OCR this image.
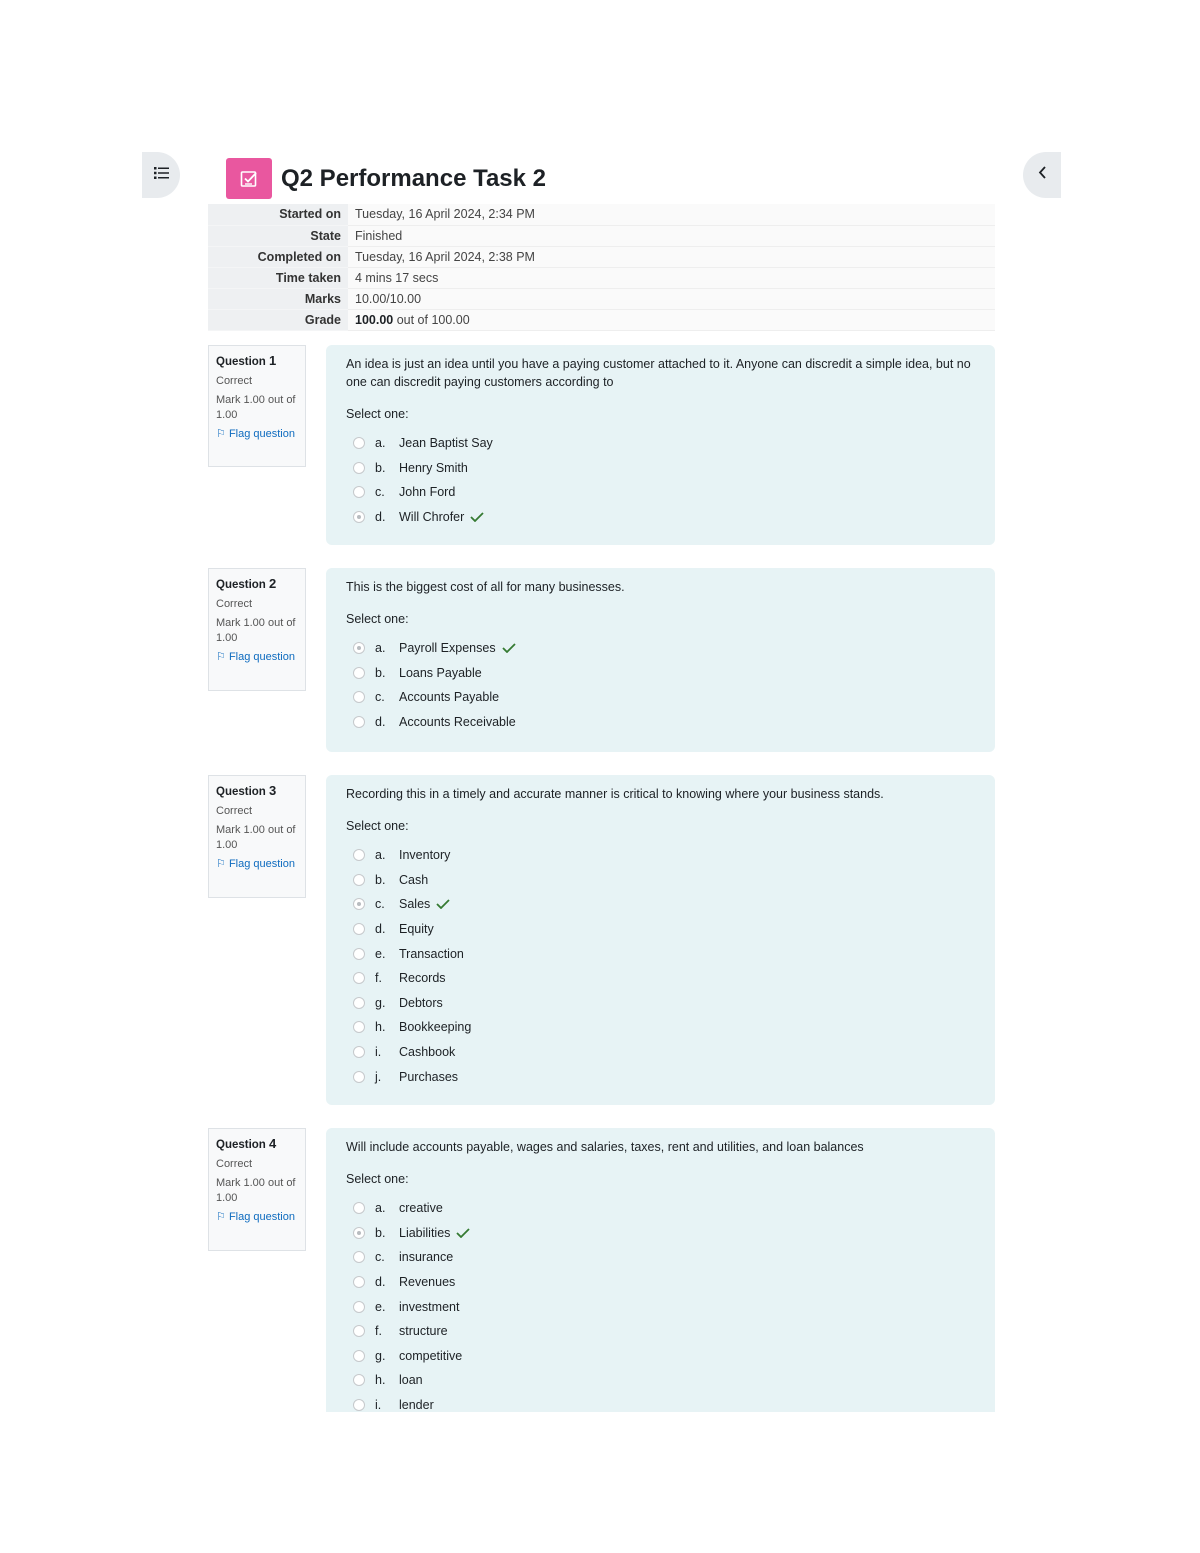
Q2 Performance Task 2
Started on	Tuesday, 16 April 2024, 2:34 PM
State	Finished
Completed on	Tuesday, 16 April 2024, 2:38 PM
Time taken	4 mins 17 secs
Marks	10.00/10.00
Grade	100.00 out of 100.00
Question 1
Correct
Mark 1.00 out of 1.00
⚐ Flag question
An idea is just an idea until you have a paying customer attached to it. Anyone can discredit a simple idea, but no one can discredit paying customers according to
Select one:
a.	Jean Baptist Say
b.	Henry Smith
c.	John Ford
d.	Will Chrofer
Question 2
Correct
Mark 1.00 out of 1.00
⚐ Flag question
This is the biggest cost of all for many businesses.
Select one:
a.	Payroll Expenses
b.	Loans Payable
c.	Accounts Payable
d.	Accounts Receivable
Question 3
Correct
Mark 1.00 out of 1.00
⚐ Flag question
Recording this in a timely and accurate manner is critical to knowing where your business stands.
Select one:
a.	Inventory
b.	Cash
c.	Sales
d.	Equity
e.	Transaction
f.	Records
g.	Debtors
h.	Bookkeeping
i.	Cashbook
j.	Purchases
Question 4
Correct
Mark 1.00 out of 1.00
⚐ Flag question
Will include accounts payable, wages and salaries, taxes, rent and utilities, and loan balances
Select one:
a.	creative
b.	Liabilities
c.	insurance
d.	Revenues
e.	investment
f.	structure
g.	competitive
h.	loan
i.	lender
